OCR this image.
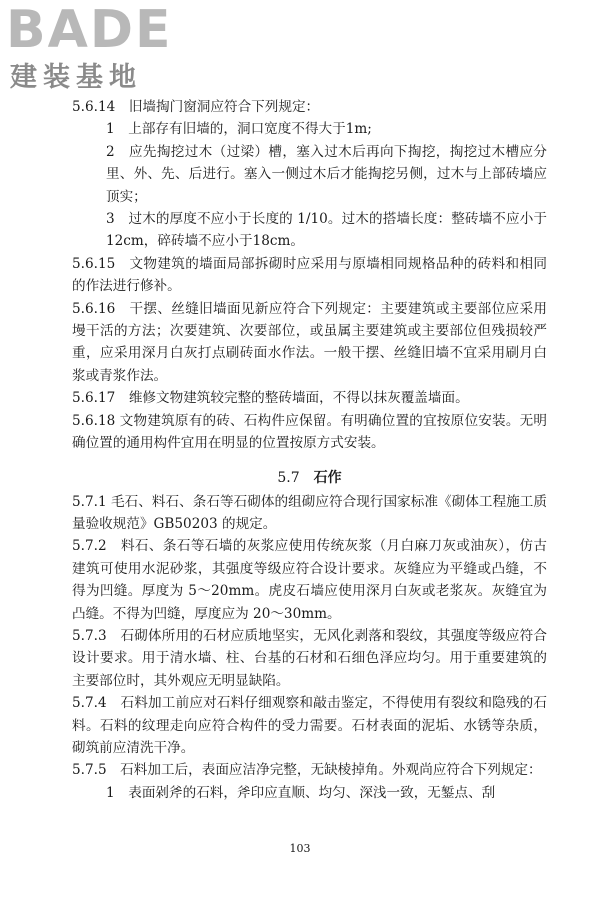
BADE
建装基地

5.6.14　旧墙掏门窗洞应符合下列规定：

1　上部存有旧墙的，洞口宽度不得大于1m;

2　应先掏挖过木（过梁）槽，塞入过木后再向下掏挖，掏挖过木槽应分里、外、先、后进行。塞入一侧过木后才能掏挖另侧，过木与上部砖墙应顶实；

3　过木的厚度不应小于长度的 1/10。过木的搭墙长度：整砖墙不应小于12cm，碎砖墙不应小于18cm。

5.6.15　文物建筑的墙面局部拆砌时应采用与原墙相同规格品种的砖料和相同的作法进行修补。

5.6.16　干摆、丝缝旧墙面见新应符合下列规定：主要建筑或主要部位应采用墁干活的方法；次要建筑、次要部位，或虽属主要建筑或主要部位但残损较严重，应采用深月白灰打点刷砖面水作法。一般干摆、丝缝旧墙不宜采用刷月白浆或青浆作法。

5.6.17　维修文物建筑较完整的整砖墙面，不得以抹灰覆盖墙面。

5.6.18 文物建筑原有的砖、石构件应保留。有明确位置的宜按原位安装。无明确位置的通用构件宜用在明显的位置按原方式安装。

5.7　 石作

5.7.1 毛石、料石、条石等石砌体的组砌应符合现行国家标准《砌体工程施工质量验收规范》GB50203 的规定。

5.7.2　料石、条石等石墙的灰浆应使用传统灰浆（月白麻刀灰或油灰），仿古建筑可使用水泥砂浆，其强度等级应符合设计要求。灰缝应为平缝或凸缝，不得为凹缝。厚度为 5～20mm。虎皮石墙应使用深月白灰或老浆灰。灰缝宜为凸缝。不得为凹缝，厚度应为 20～30mm。

5.7.3　石砌体所用的石材应质地坚实，无风化剥落和裂纹，其强度等级应符合设计要求。用于清水墙、柱、台基的石材和石细色泽应均匀。用于重要建筑的主要部位时，其外观应无明显缺陷。

5.7.4　石料加工前应对石料仔细观察和敲击鉴定，不得使用有裂纹和隐残的石料。石料的纹理走向应符合构件的受力需要。石材表面的泥垢、水锈等杂质，砌筑前应清洗干净。

5.7.5　石料加工后，表面应洁净完整，无缺棱掉角。外观尚应符合下列规定：

1　表面剁斧的石料，斧印应直顺、均匀、深浅一致，无錾点、刮

103
